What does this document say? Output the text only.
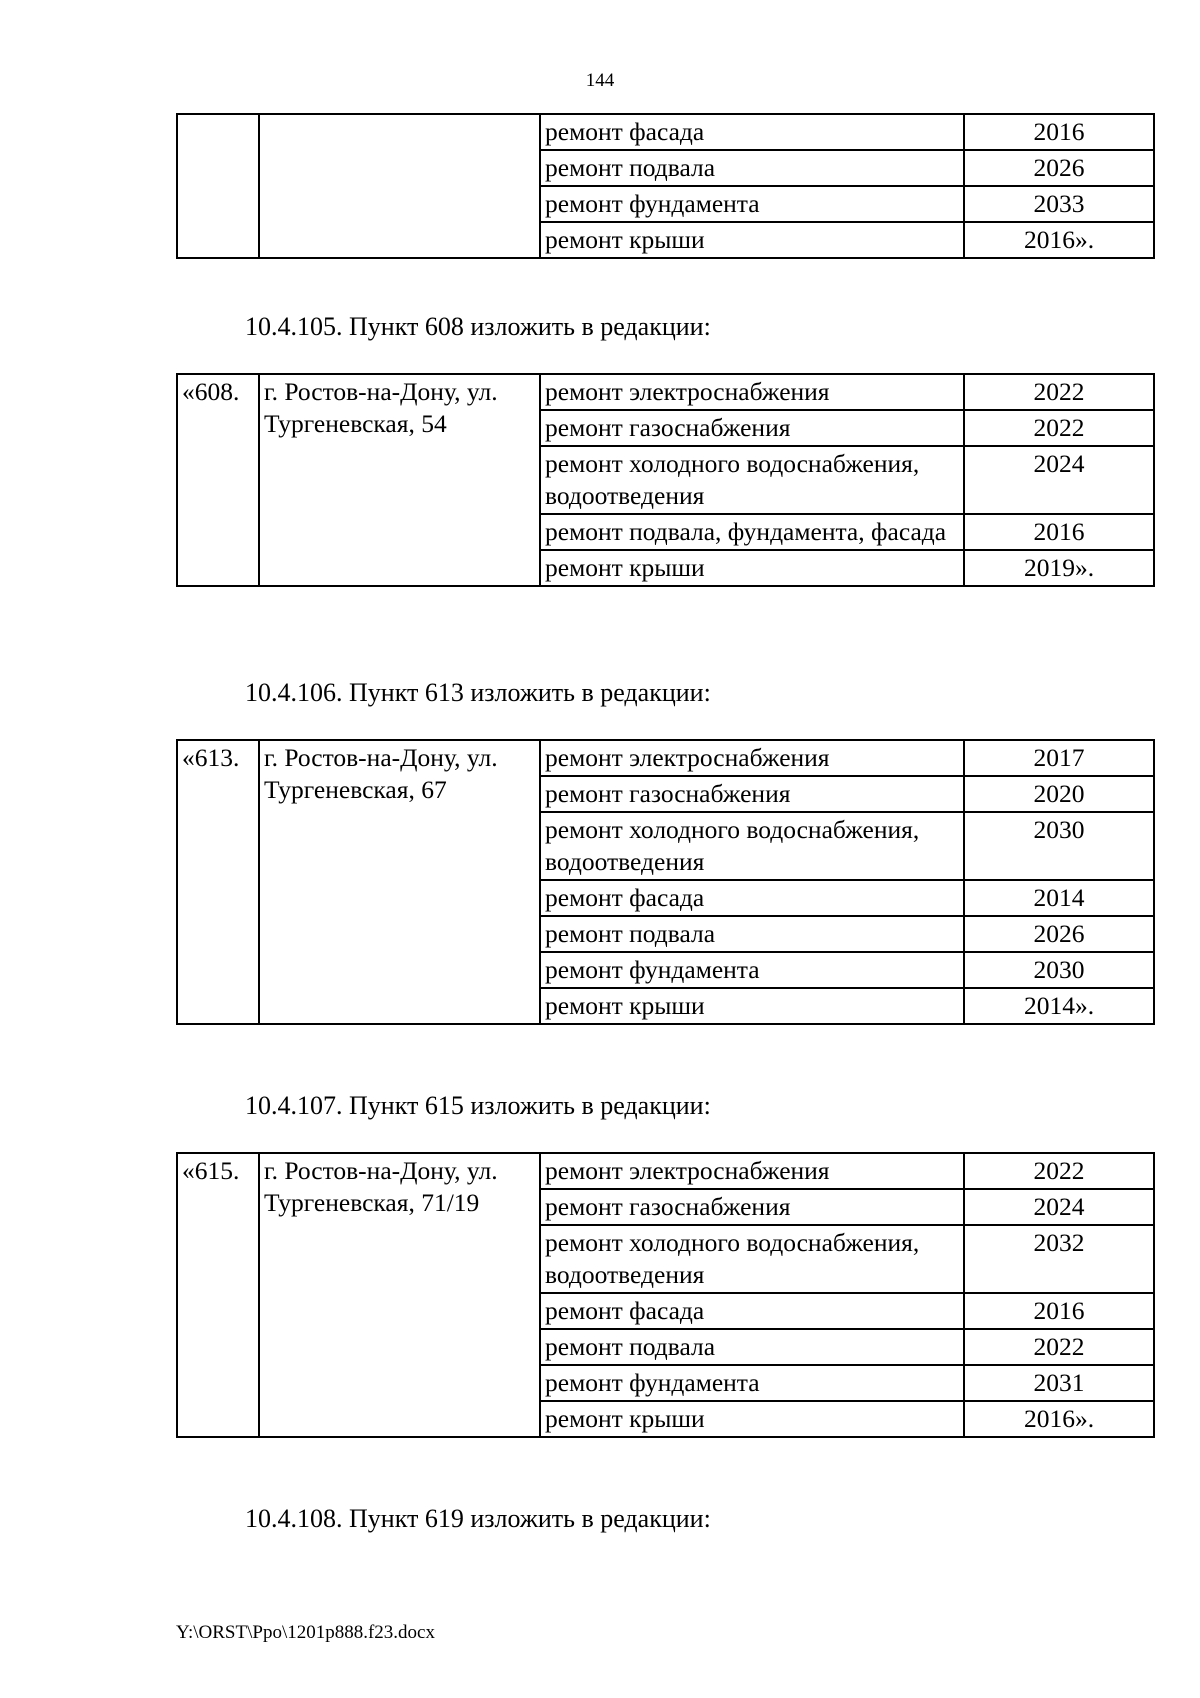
144
		ремонт фасада	2016
		ремонт подвала	2026
		ремонт фундамента	2033
		ремонт крыши	2016».
10.4.105. Пункт 608 изложить в редакции:
«608.	г. Ростов-на-Дону, ул. Тургеневская, 54	ремонт электроснабжения	2022
		ремонт газоснабжения	2022
		ремонт холодного водоснабжения, водоотведения	2024
		ремонт подвала, фундамента, фасада	2016
		ремонт крыши	2019».
10.4.106. Пункт 613 изложить в редакции:
«613.	г. Ростов-на-Дону, ул. Тургеневская, 67	ремонт электроснабжения	2017
		ремонт газоснабжения	2020
		ремонт холодного водоснабжения, водоотведения	2030
		ремонт фасада	2014
		ремонт подвала	2026
		ремонт фундамента	2030
		ремонт крыши	2014».
10.4.107. Пункт 615 изложить в редакции:
«615.	г. Ростов-на-Дону, ул. Тургеневская, 71/19	ремонт электроснабжения	2022
		ремонт газоснабжения	2024
		ремонт холодного водоснабжения, водоотведения	2032
		ремонт фасада	2016
		ремонт подвала	2022
		ремонт фундамента	2031
		ремонт крыши	2016».
10.4.108. Пункт 619 изложить в редакции:
Y:\ORST\Ppo\1201p888.f23.docx
